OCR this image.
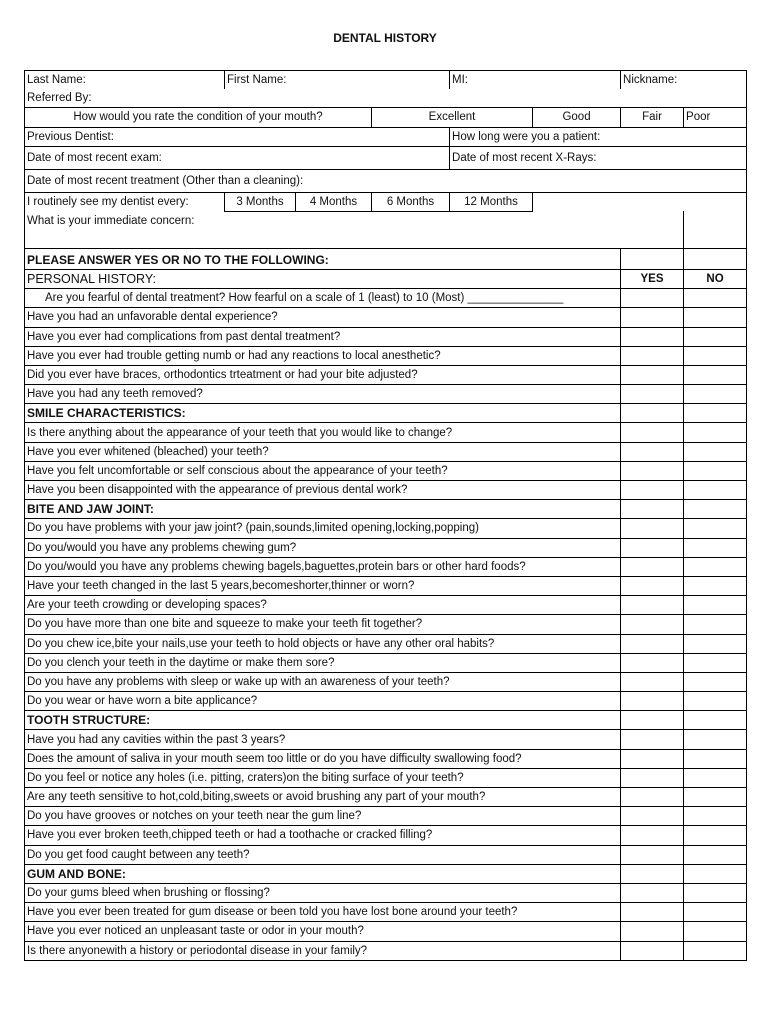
DENTAL HISTORY
Last Name:	First Name:			MI:		Nickname:	
Referred By:							
How would you rate the condition of your mouth?			Excellent		Good	Fair	Poor
Previous Dentist:				How long were you a patient:			
Date of most recent exam:				Date of most recent X-Rays:			
Date of most recent treatment (Other than a cleaning):							
I routinely see my dentist every:	3 Months	4 Months	6 Months	12 Months			
What is your immediate concern:							
PLEASE ANSWER YES OR NO TO THE FOLLOWING:							
PERSONAL HISTORY:						YES	NO
Are you fearful of dental treatment? How fearful on a scale of 1 (least) to 10 (Most) _______________							
Have you had an unfavorable dental experience?							
Have you ever had complications from past dental treatment?							
Have you ever had trouble getting numb or had any reactions to local anesthetic?							
Did you ever have braces, orthodontics trteatment or had your bite adjusted?							
Have you had any teeth removed?							
SMILE CHARACTERISTICS:							
Is there anything about the appearance of your teeth that you would like to change?							
Have you ever whitened (bleached) your teeth?							
Have you felt uncomfortable or self conscious about the appearance of your teeth?							
Have you been disappointed with the appearance of previous dental work?							
BITE AND JAW JOINT:							
Do you have problems with your jaw joint? (pain,sounds,limited opening,locking,popping)							
Do you/would you have any problems chewing gum?							
Do you/would you have any problems chewing bagels,baguettes,protein bars or other hard foods?							
Have your teeth changed in the last 5 years,becomeshorter,thinner or worn?							
Are your teeth crowding or developing spaces?							
Do you have more than one bite and squeeze to make your teeth fit together?							
Do you chew ice,bite your nails,use your teeth to hold objects or have any other oral habits?							
Do you clench your teeth in the daytime or make them sore?							
Do you have any problems with sleep or wake up with an awareness of your teeth?							
Do you wear or have worn a bite applicance?							
TOOTH STRUCTURE:							
Have you had any cavities within the past 3 years?							
Does the amount of saliva in your mouth seem too little or do you have difficulty swallowing food?							
Do you feel or notice any holes (i.e. pitting, craters)on the biting surface of your teeth?							
Are any teeth sensitive to hot,cold,biting,sweets or avoid brushing any part of your mouth?							
Do you have grooves or notches on your teeth near the gum line?							
Have you ever broken teeth,chipped teeth or had a toothache or cracked filling?							
Do you get food caught between any teeth?							
GUM AND BONE:							
Do your gums bleed when brushing or flossing?							
Have you ever been treated for gum disease or been told you have lost bone around your teeth?							
Have you ever noticed an unpleasant taste or odor in your mouth?							
Is there anyonewith a history or periodontal disease in your family?							
